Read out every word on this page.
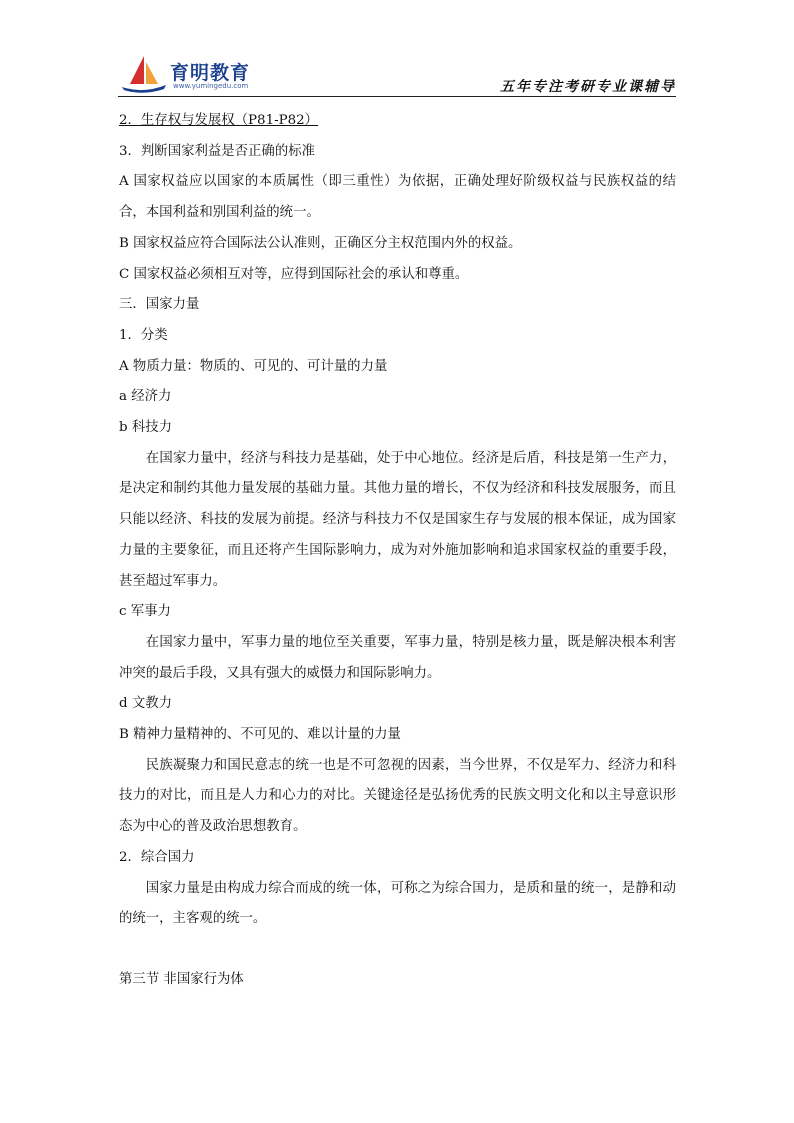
育明教育
www.yumingedu.com	五年专注考研专业课辅导

2．生存权与发展权（P81-P82）

3．判断国家利益是否正确的标准

A 国家权益应以国家的本质属性（即三重性）为依据，正确处理好阶级权益与民族权益的结合，本国利益和别国利益的统一。

B 国家权益应符合国际法公认准则，正确区分主权范围内外的权益。

C 国家权益必须相互对等，应得到国际社会的承认和尊重。

三．国家力量

1．分类

A 物质力量：物质的、可见的、可计量的力量

a 经济力

b 科技力

在国家力量中，经济与科技力是基础，处于中心地位。经济是后盾，科技是第一生产力，是决定和制约其他力量发展的基础力量。其他力量的增长，不仅为经济和科技发展服务，而且只能以经济、科技的发展为前提。经济与科技力不仅是国家生存与发展的根本保证，成为国家力量的主要象征，而且还将产生国际影响力，成为对外施加影响和追求国家权益的重要手段，甚至超过军事力。

c 军事力

在国家力量中，军事力量的地位至关重要，军事力量，特别是核力量，既是解决根本利害冲突的最后手段，又具有强大的威慑力和国际影响力。

d 文教力

B 精神力量精神的、不可见的、难以计量的力量

民族凝聚力和国民意志的统一也是不可忽视的因素，当今世界，不仅是军力、经济力和科技力的对比，而且是人力和心力的对比。关键途径是弘扬优秀的民族文明文化和以主导意识形态为中心的普及政治思想教育。

2．综合国力

国家力量是由构成力综合而成的统一体，可称之为综合国力，是质和量的统一，是静和动的统一，主客观的统一。

第三节 非国家行为体
